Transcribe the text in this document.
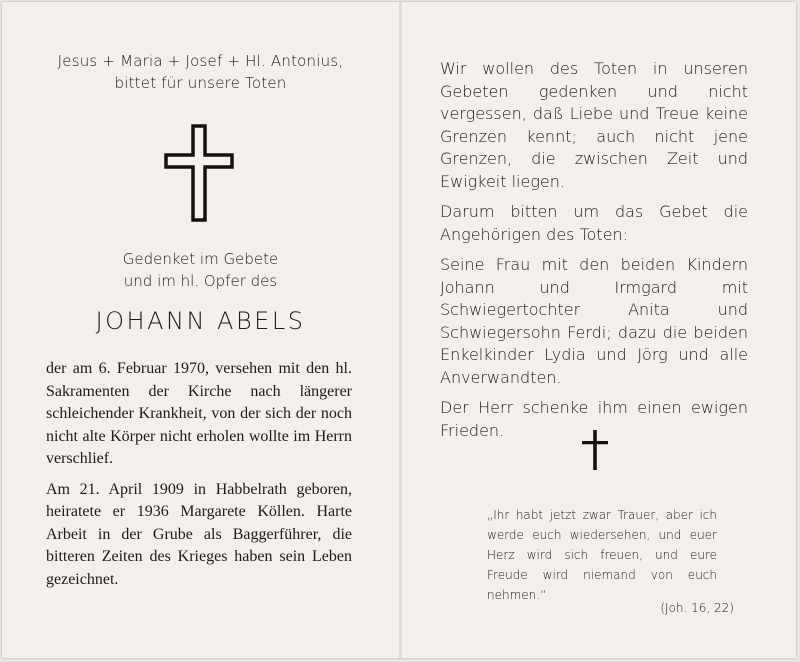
Jesus + Maria + Josef + Hl. Antonius,
bittet für unsere Toten
Gedenket im Gebete
und im hl. Opfer des
JOHANN ABELS

der am 6. Februar 1970, versehen mit den hl. Sakramenten der Kirche nach längerer schleichender Krankheit, von der sich der noch nicht alte Körper nicht erholen wollte im Herrn verschlief.

Am 21. April 1909 in Habbelrath geboren, heiratete er 1936 Margarete Köllen. Harte Arbeit in der Grube als Baggerführer, die bitteren Zeiten des Krieges haben sein Leben gezeichnet.

Wir wollen des Toten in unseren Gebeten gedenken und nicht vergessen, daß Liebe und Treue keine Grenzen kennt; auch nicht jene Grenzen, die zwischen Zeit und Ewigkeit liegen.

Darum bitten um das Gebet die Angehörigen des Toten:

Seine Frau mit den beiden Kindern Johann und Irmgard mit Schwiegertochter Anita und Schwiegersohn Ferdi; dazu die beiden Enkelkinder Lydia und Jörg und alle Anverwandten.

Der Herr schenke ihm einen ewigen Frieden.

„Ihr habt jetzt zwar Trauer, aber ich werde euch wiedersehen, und euer Herz wird sich freuen, und eure Freude wird niemand von euch nehmen.“
(Joh. 16, 22)
